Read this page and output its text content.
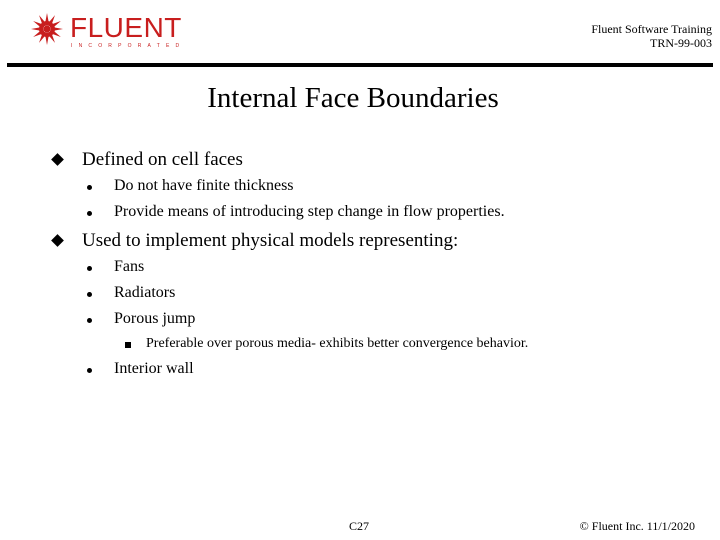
FLUENT
INCORPORATED
Fluent Software Training
TRN-99-003
Internal Face Boundaries
Defined on cell faces
Do not have finite thickness
Provide means of introducing step change in flow properties.
Used to implement physical models representing:
Fans
Radiators
Porous jump
Preferable over porous media- exhibits better convergence behavior.
Interior wall
C27	© Fluent Inc. 11/1/2020
